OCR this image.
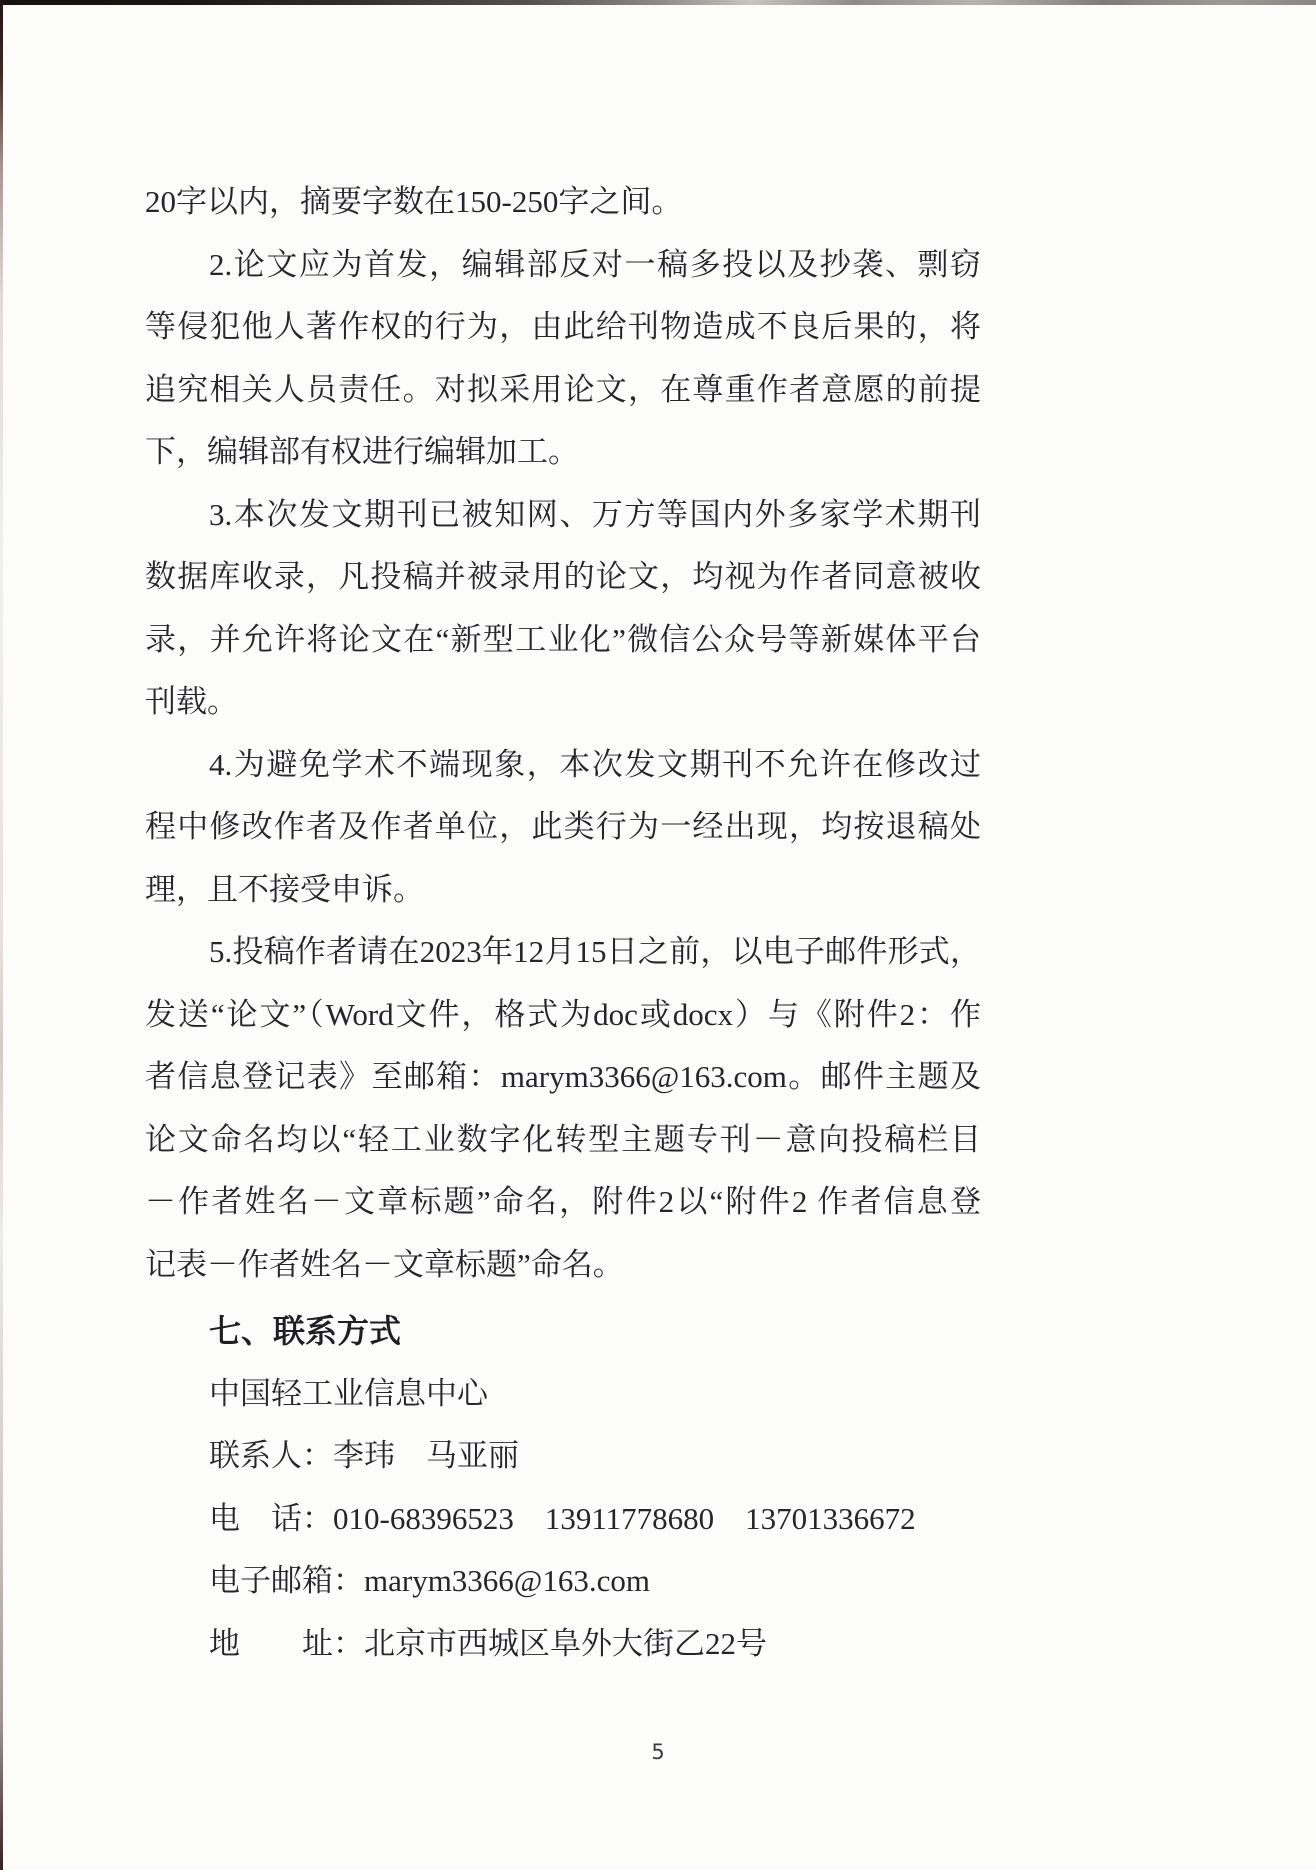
20字以内，摘要字数在150-250字之间。
2.论文应为首发，编辑部反对一稿多投以及抄袭、剽窃
等侵犯他人著作权的行为，由此给刊物造成不良后果的，将
追究相关人员责任。对拟采用论文，在尊重作者意愿的前提
下，编辑部有权进行编辑加工。
3.本次发文期刊已被知网、万方等国内外多家学术期刊
数据库收录，凡投稿并被录用的论文，均视为作者同意被收
录，并允许将论文在“新型工业化”微信公众号等新媒体平台
刊载。
4.为避免学术不端现象，本次发文期刊不允许在修改过
程中修改作者及作者单位，此类行为一经出现，均按退稿处
理，且不接受申诉。
5.投稿作者请在2023年12月15日之前，以电子邮件形式，
发送“论文”（Word文件，格式为doc或docx）与《附件2：作
者信息登记表》至邮箱：marym3366@163.com。邮件主题及
论文命名均以“轻工业数字化转型主题专刊－意向投稿栏目
－作者姓名－文章标题”命名，附件2以“附件2 作者信息登
记表－作者姓名－文章标题”命名。
七、联系方式
中国轻工业信息中心
联系人：李玮　马亚丽
电　话：010-68396523　13911778680　13701336672
电子邮箱：marym3366@163.com
地　　址：北京市西城区阜外大街乙22号
5
